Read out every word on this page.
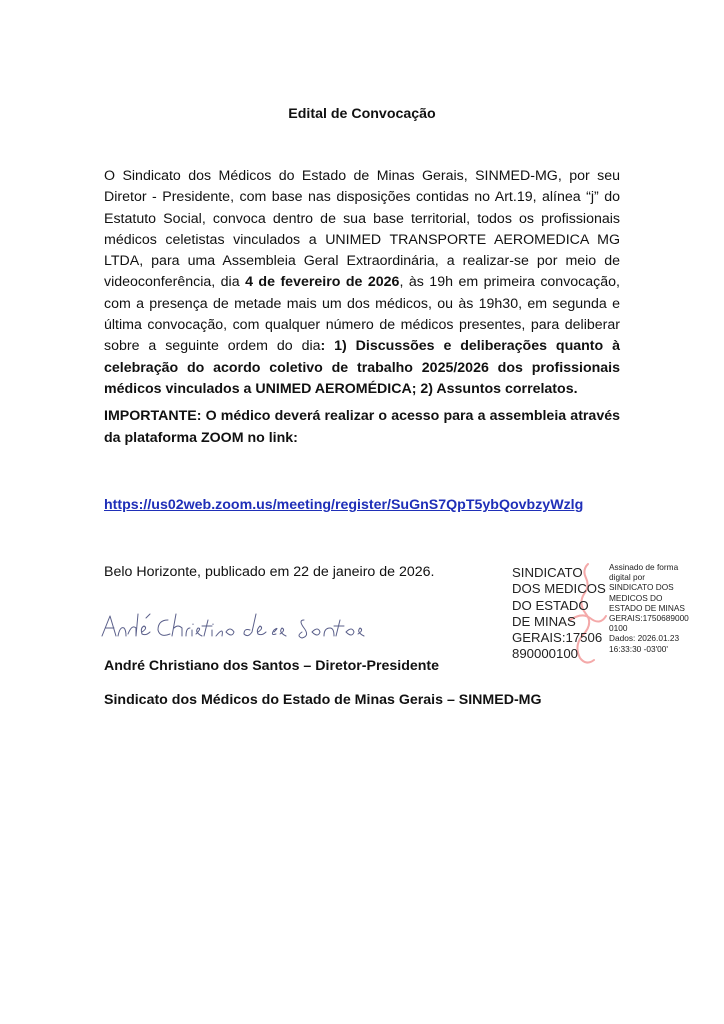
Edital de Convocação

O Sindicato dos Médicos do Estado de Minas Gerais, SINMED-MG, por seu Diretor - Presidente, com base nas disposições contidas no Art.19, alínea “j” do Estatuto Social, convoca dentro de sua base territorial, todos os profissionais médicos celetistas vinculados a UNIMED TRANSPORTE AEROMEDICA MG LTDA, para uma Assembleia Geral Extraordinária, a realizar-se por meio de videoconferência, dia 4 de fevereiro de 2026, às 19h em primeira convocação, com a presença de metade mais um dos médicos, ou às 19h30, em segunda e última convocação, com qualquer número de médicos presentes, para deliberar sobre a seguinte ordem do dia: 1) Discussões e deliberações quanto à celebração do acordo coletivo de trabalho 2025/2026 dos profissionais médicos vinculados a UNIMED AEROMÉDICA; 2) Assuntos correlatos.

IMPORTANTE: O médico deverá realizar o acesso para a assembleia através da plataforma ZOOM no link:

https://us02web.zoom.us/meeting/register/SuGnS7QpT5ybQovbzyWzlg
Belo Horizonte, publicado em 22 de janeiro de 2026.
André Christiano dos Santos – Diretor-Presidente
Sindicato dos Médicos do Estado de Minas Gerais – SINMED-MG
SINDICATO
DOS MEDICOS
DO ESTADO
DE MINAS
GERAIS:17506
890000100
Assinado de forma
digital por
SINDICATO DOS
MEDICOS DO
ESTADO DE MINAS
GERAIS:1750689000
0100
Dados: 2026.01.23
16:33:30 -03'00'
